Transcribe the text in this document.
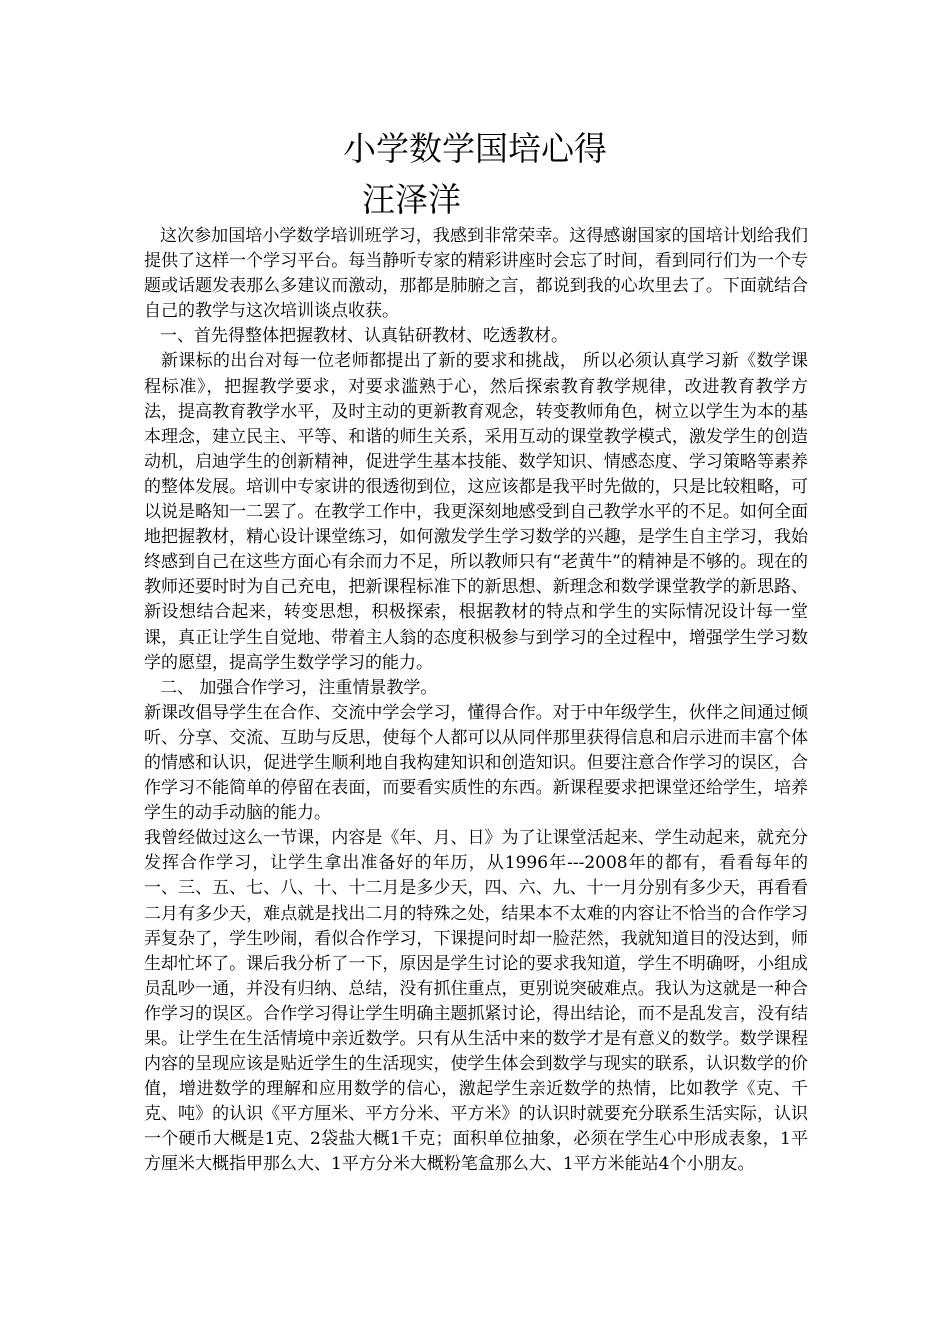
小学数学国培心得
汪泽洋

这次参加国培小学数学培训班学习，我感到非常荣幸。这得感谢国家的国培计划给我们提供了这样一个学习平台。每当静听专家的精彩讲座时会忘了时间，看到同行们为一个专题或话题发表那么多建议而激动，那都是肺腑之言，都说到我的心坎里去了。下面就结合自己的教学与这次培训谈点收获。

一、首先得整体把握教材、认真钻研教材、吃透教材。

新课标的出台对每一位老师都提出了新的要求和挑战， 所以必须认真学习新《数学课程标准》，把握教学要求，对要求滥熟于心，然后探索教育教学规律，改进教育教学方法，提高教育教学水平，及时主动的更新教育观念，转变教师角色，树立以学生为本的基本理念，建立民主、平等、和谐的师生关系，采用互动的课堂教学模式，激发学生的创造动机，启迪学生的创新精神，促进学生基本技能、数学知识、情感态度、学习策略等素养的整体发展。培训中专家讲的很透彻到位，这应该都是我平时先做的，只是比较粗略，可以说是略知一二罢了。在教学工作中，我更深刻地感受到自己教学水平的不足。如何全面地把握教材，精心设计课堂练习，如何激发学生学习数学的兴趣，是学生自主学习，我始终感到自己在这些方面心有余而力不足，所以教师只有“老黄牛”的精神是不够的。现在的教师还要时时为自己充电，把新课程标准下的新思想、新理念和数学课堂教学的新思路、新设想结合起来，转变思想，积极探索，根据教材的特点和学生的实际情况设计每一堂课，真正让学生自觉地、带着主人翁的态度积极参与到学习的全过程中，增强学生学习数学的愿望，提高学生数学学习的能力。

二、 加强合作学习，注重情景教学。

新课改倡导学生在合作、交流中学会学习，懂得合作。对于中年级学生，伙伴之间通过倾听、分享、交流、互助与反思，使每个人都可以从同伴那里获得信息和启示进而丰富个体的情感和认识，促进学生顺利地自我构建知识和创造知识。但要注意合作学习的误区，合作学习不能简单的停留在表面，而要看实质性的东西。新课程要求把课堂还给学生，培养学生的动手动脑的能力。

我曾经做过这么一节课，内容是《年、月、日》为了让课堂活起来、学生动起来，就充分发挥合作学习，让学生拿出准备好的年历，从1996年---2008年的都有，看看每年的一、三、五、七、八、十、十二月是多少天，四、六、九、十一月分别有多少天，再看看二月有多少天，难点就是找出二月的特殊之处，结果本不太难的内容让不恰当的合作学习弄复杂了，学生吵闹，看似合作学习，下课提问时却一脸茫然，我就知道目的没达到，师生却忙坏了。课后我分析了一下，原因是学生讨论的要求我知道，学生不明确呀，小组成员乱吵一通，并没有归纳、总结，没有抓住重点，更别说突破难点。我认为这就是一种合作学习的误区。合作学习得让学生明确主题抓紧讨论，得出结论，而不是乱发言，没有结果。让学生在生活情境中亲近数学。只有从生活中来的数学才是有意义的数学。数学课程内容的呈现应该是贴近学生的生活现实，使学生体会到数学与现实的联系，认识数学的价值，增进数学的理解和应用数学的信心，激起学生亲近数学的热情，比如教学《克、千克、吨》的认识《平方厘米、平方分米、平方米》的认识时就要充分联系生活实际，认识一个硬币大概是1克、2袋盐大概1千克；面积单位抽象，必须在学生心中形成表象，1平方厘米大概指甲那么大、1平方分米大概粉笔盒那么大、1平方米能站4个小朋友。
